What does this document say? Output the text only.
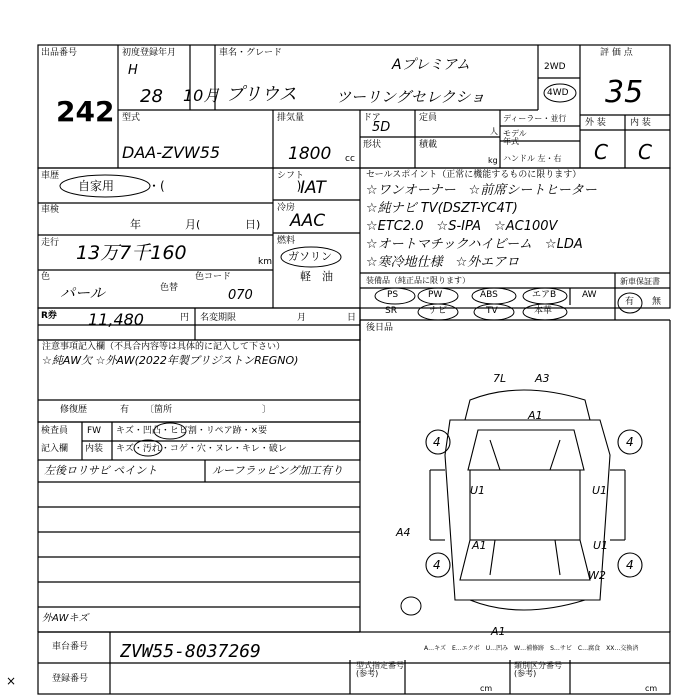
出品番号
242
初度登録年月
H
28 10月
車名・グレード
Aプレミアム
プリウス	ツーリングセレクショ
2WD
4WD
評 価 点
35
型式
DAA-ZVW55
排気量
1800 cc
ドア
5D
定員
人
形状	積載
kg
ディーラー・並行
モデル
年式
ハンドル 左・右
外 装	内 装
C C
車歴
自家用	・(　　　　　　　　　　　)
車検
年	月(	日)
走行 13万7千160	km
色
パール	色替
色コード
070
シフト
IAT
冷房
AAC
燃料
ガソリン
軽　油
セールスポイント（正常に機能するものに限ります）
☆ワンオーナー　☆前席シートヒーター
☆純ナビ TV(DSZT-YC4T)
☆ETC2.0　☆S-IPA　☆AC100V
☆オートマチックハイビーム　☆LDA
☆寒冷地仕様　☆外エアロ
装備品（純正品に限ります）
PS	PW	ABS	エアB	AW
SR	ナビ	TV	本革
新車保証書
有 無
後日品
R券 11,480	円 名変期限	月	日
注意事項記入欄（不具合内容等は具体的に記入して下さい）
☆純AW欠 ☆外AW(2022年製ブリジストンREGNO)
修復歴	有 〔箇所　　　　　　　　　　〕
検査員
記入欄
FW キズ・凹凸・ヒビ割・リペア跡・×要
内装 キズ・汚れ・コゲ・穴・ヌレ・キレ・破レ
左後ロリサビ ペイント	ルーフラッピング加工有り
外AWキズ
×
7L	A3
A1
U1	U1
A1
A4
U1
W2
A1
4	4
4	4
A…キズ　E…エクボ　U…凹み　W…補修跡　S…サビ　C…腐食　XX…交換済
車台番号 ZVW55-8037269
登録番号
型式指定番号
(参考)
類別区分番号
(参考)
cm	cm
